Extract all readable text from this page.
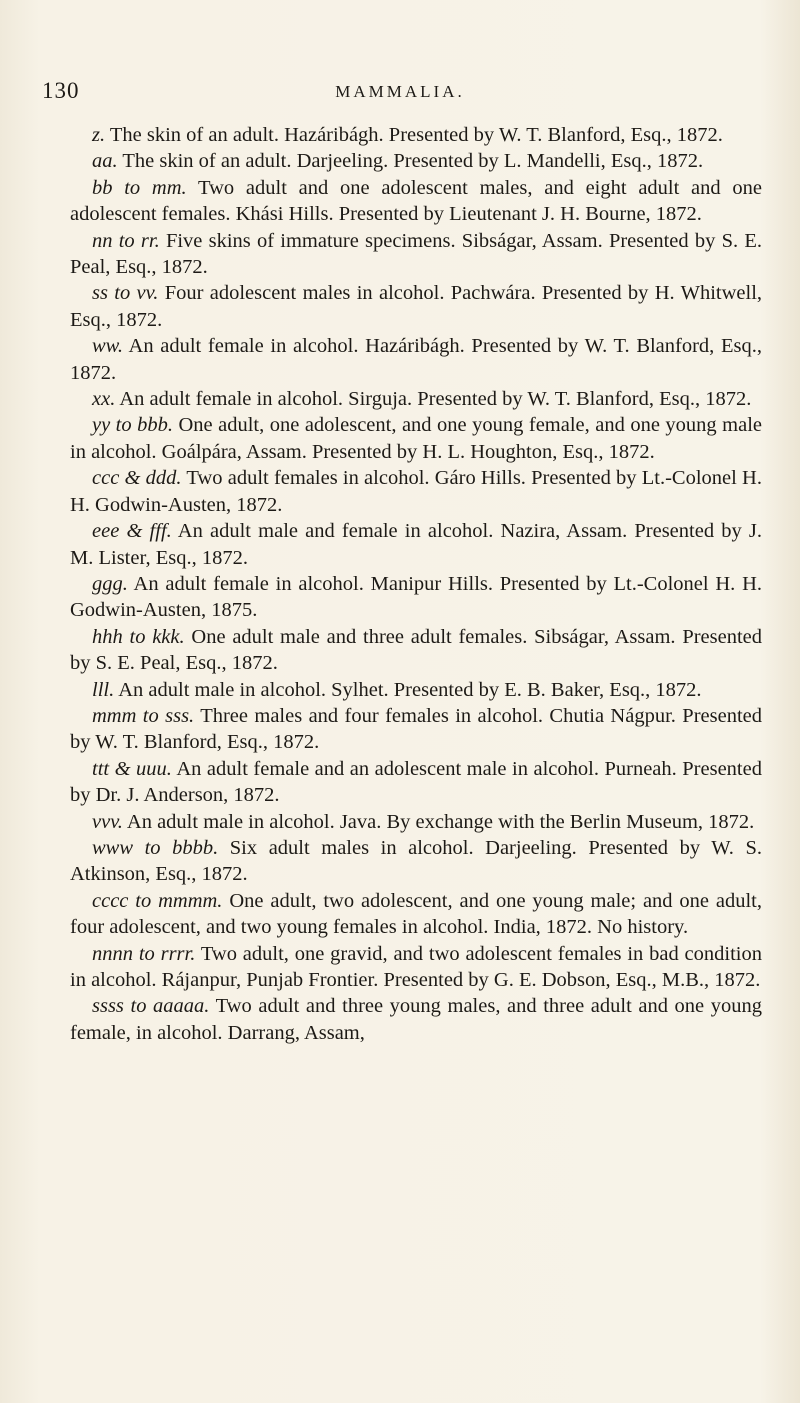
130	MAMMALIA.

z. The skin of an adult. Hazáribágh. Presented by W. T. Blanford, Esq., 1872.

aa. The skin of an adult. Darjeeling. Presented by L. Mandelli, Esq., 1872.

bb to mm. Two adult and one adolescent males, and eight adult and one adolescent females. Khási Hills. Presented by Lieutenant J. H. Bourne, 1872.

nn to rr. Five skins of immature specimens. Sibságar, Assam. Presented by S. E. Peal, Esq., 1872.

ss to vv. Four adolescent males in alcohol. Pachwára. Presented by H. Whitwell, Esq., 1872.

ww. An adult female in alcohol. Hazáribágh. Presented by W. T. Blanford, Esq., 1872.

xx. An adult female in alcohol. Sirguja. Presented by W. T. Blanford, Esq., 1872.

yy to bbb. One adult, one adolescent, and one young female, and one young male in alcohol. Goálpára, Assam. Presented by H. L. Houghton, Esq., 1872.

ccc & ddd. Two adult females in alcohol. Gáro Hills. Presented by Lt.-Colonel H. H. Godwin-Austen, 1872.

eee & fff. An adult male and female in alcohol. Nazira, Assam. Presented by J. M. Lister, Esq., 1872.

ggg. An adult female in alcohol. Manipur Hills. Presented by Lt.-Colonel H. H. Godwin-Austen, 1875.

hhh to kkk. One adult male and three adult females. Sibságar, Assam. Presented by S. E. Peal, Esq., 1872.

lll. An adult male in alcohol. Sylhet. Presented by E. B. Baker, Esq., 1872.

mmm to sss. Three males and four females in alcohol. Chutia Nágpur. Presented by W. T. Blanford, Esq., 1872.

ttt & uuu. An adult female and an adolescent male in alcohol. Purneah. Presented by Dr. J. Anderson, 1872.

vvv. An adult male in alcohol. Java. By exchange with the Berlin Museum, 1872.

www to bbbb. Six adult males in alcohol. Darjeeling. Presented by W. S. Atkinson, Esq., 1872.

cccc to mmmm. One adult, two adolescent, and one young male; and one adult, four adolescent, and two young females in alcohol. India, 1872. No history.

nnnn to rrrr. Two adult, one gravid, and two adolescent females in bad condition in alcohol. Rájanpur, Punjab Frontier. Presented by G. E. Dobson, Esq., M.B., 1872.

ssss to aaaaa. Two adult and three young males, and three adult and one young female, in alcohol. Darrang, Assam,
